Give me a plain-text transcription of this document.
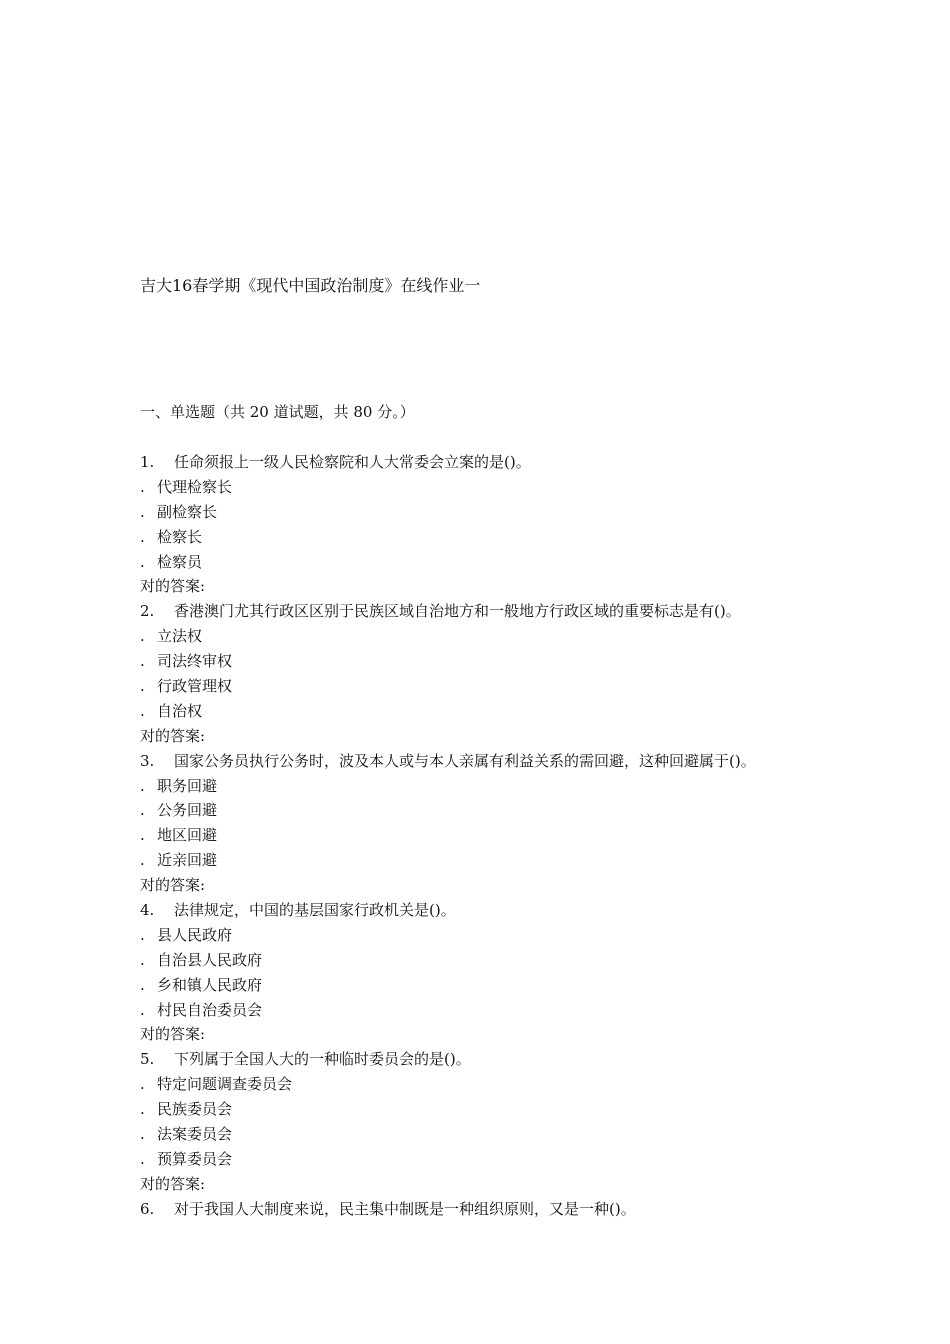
吉大16春学期《现代中国政治制度》在线作业一
一、单选题（共 20 道试题，共 80 分。）
1. 任命须报上一级人民检察院和人大常委会立案的是()。
. 代理检察长
. 副检察长
. 检察长
. 检察员
对的答案:
2. 香港澳门尤其行政区区别于民族区域自治地方和一般地方行政区域的重要标志是有()。
. 立法权
. 司法终审权
. 行政管理权
. 自治权
对的答案:
3. 国家公务员执行公务时，波及本人或与本人亲属有利益关系的需回避，这种回避属于()。
. 职务回避
. 公务回避
. 地区回避
. 近亲回避
对的答案:
4. 法律规定，中国的基层国家行政机关是()。
. 县人民政府
. 自治县人民政府
. 乡和镇人民政府
. 村民自治委员会
对的答案:
5. 下列属于全国人大的一种临时委员会的是()。
. 特定问题调查委员会
. 民族委员会
. 法案委员会
. 预算委员会
对的答案:
6. 对于我国人大制度来说，民主集中制既是一种组织原则，又是一种()。
